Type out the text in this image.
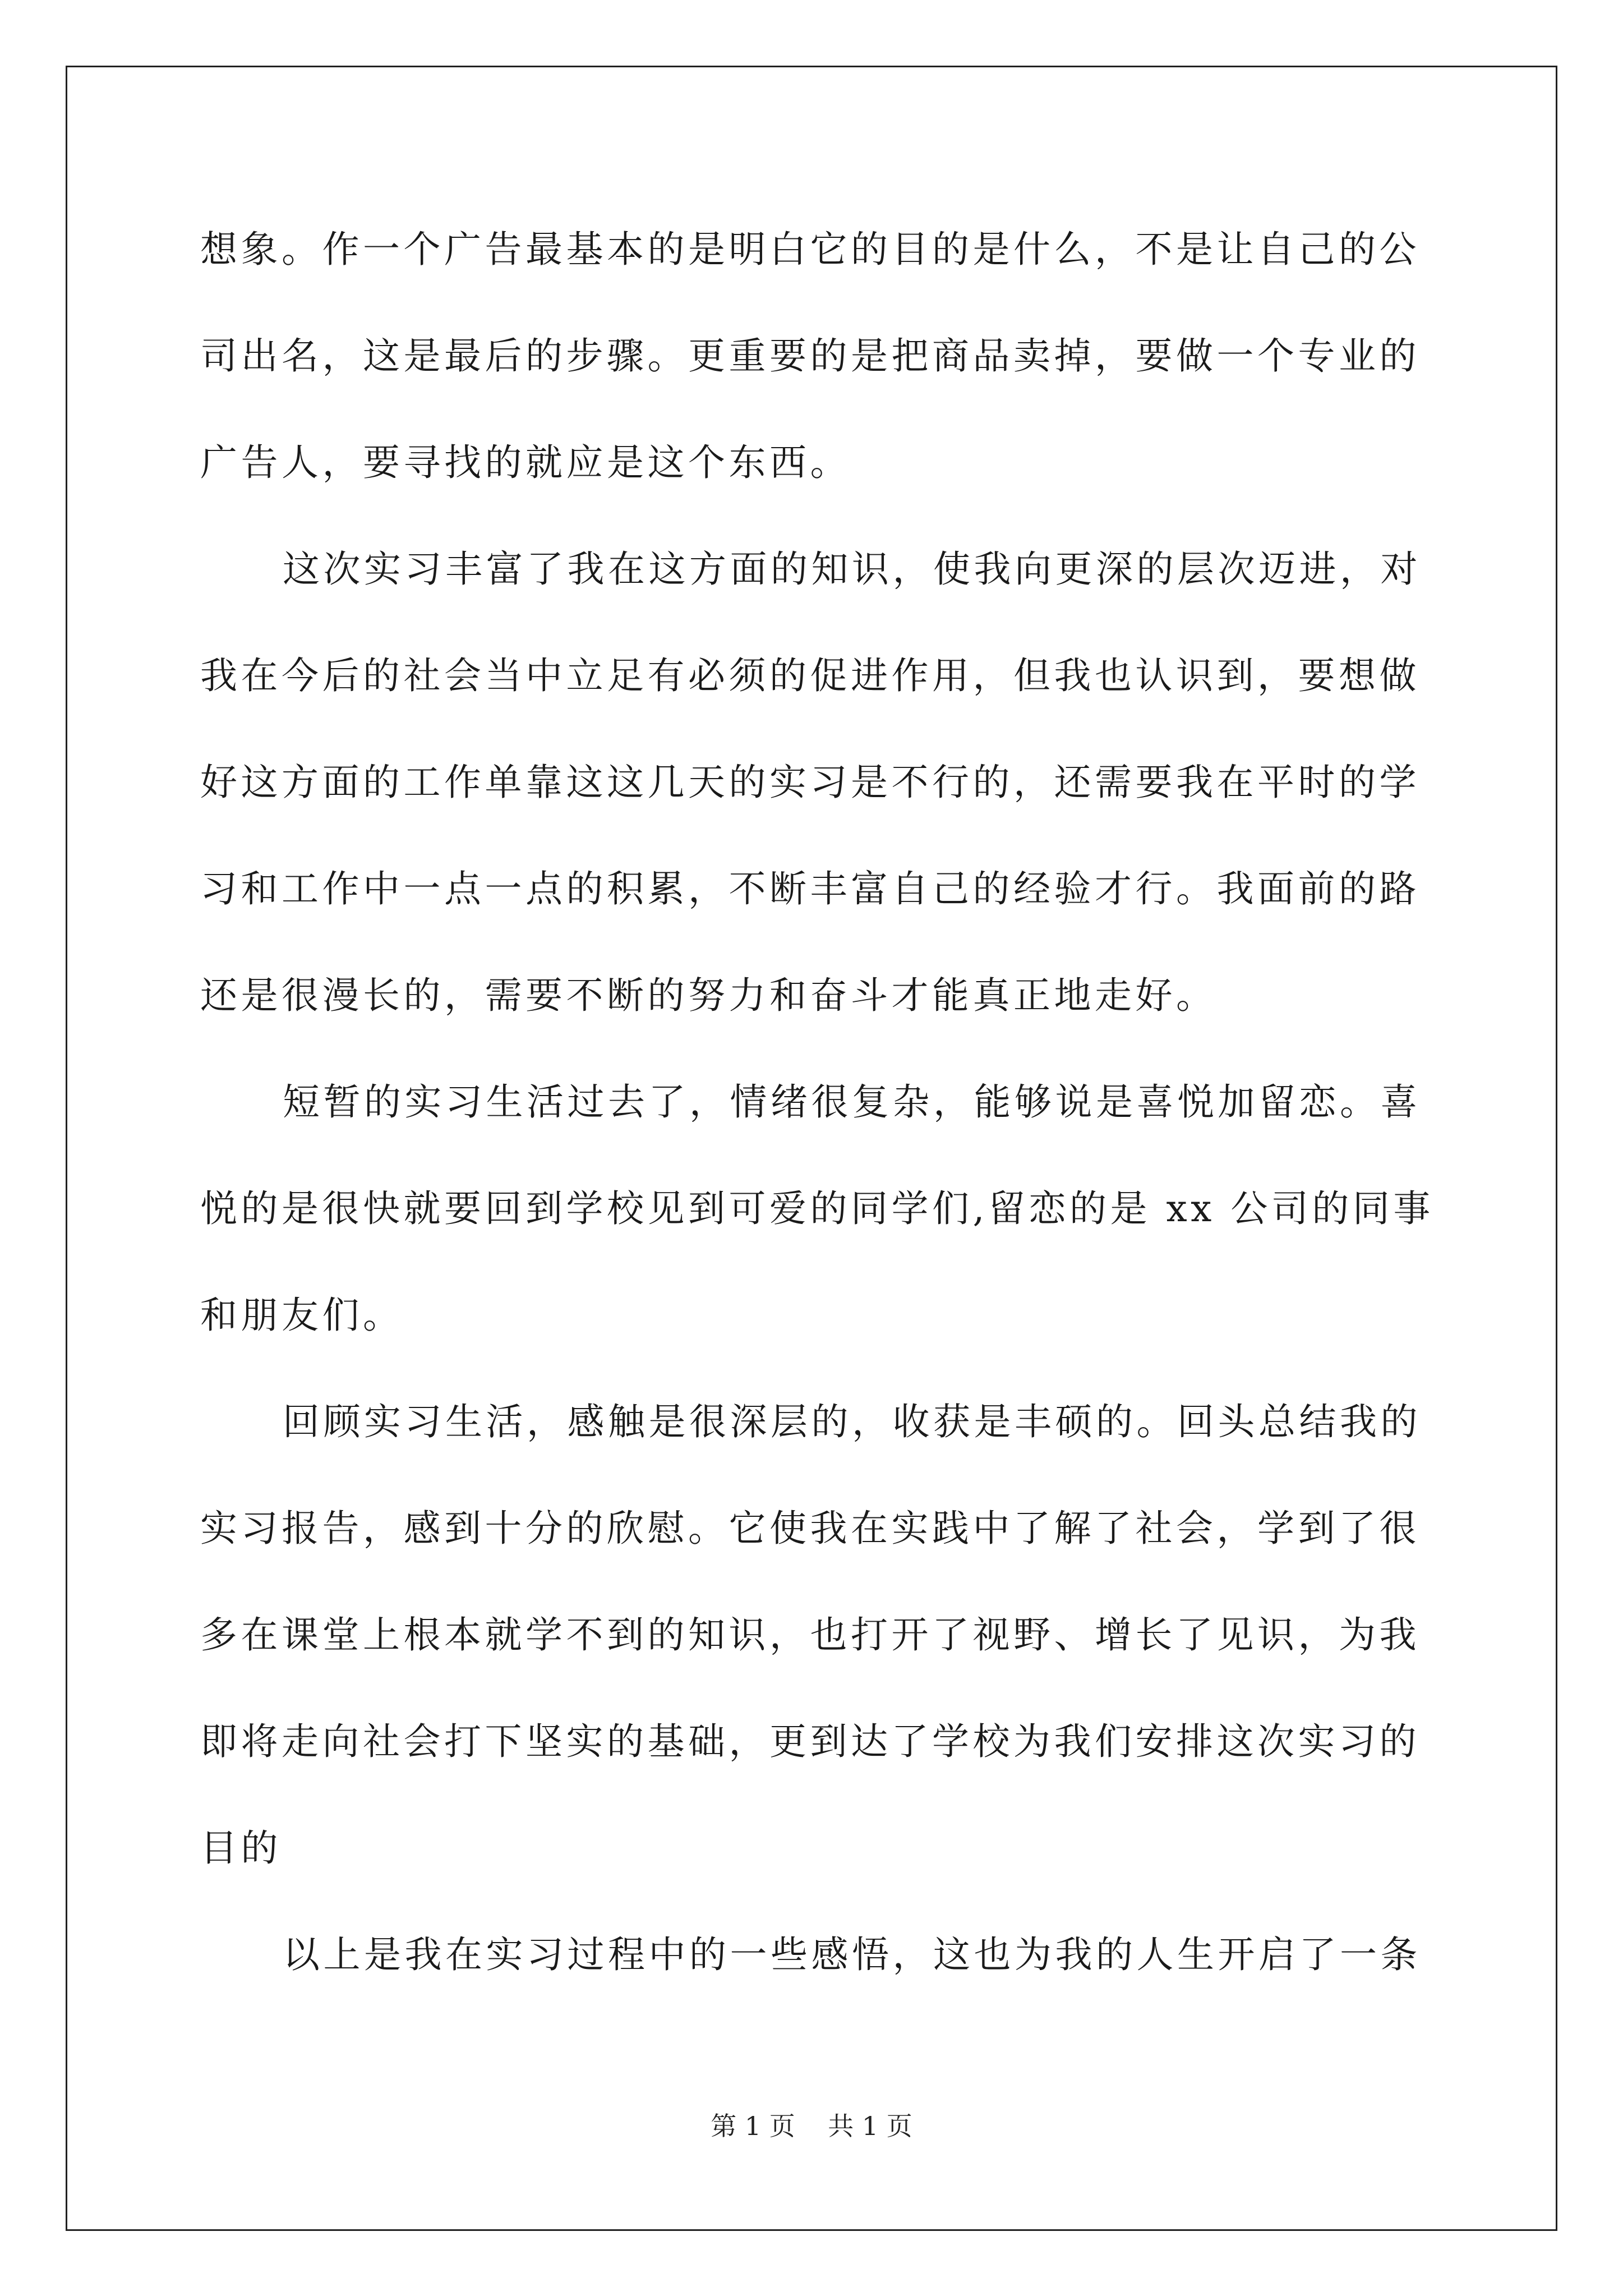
想象。作一个广告最基本的是明白它的目的是什么，不是让自己的公
司出名，这是最后的步骤。更重要的是把商品卖掉，要做一个专业的
广告人，要寻找的就应是这个东西。
这次实习丰富了我在这方面的知识，使我向更深的层次迈进，对
我在今后的社会当中立足有必须的促进作用，但我也认识到，要想做
好这方面的工作单靠这这几天的实习是不行的，还需要我在平时的学
习和工作中一点一点的积累，不断丰富自己的经验才行。我面前的路
还是很漫长的，需要不断的努力和奋斗才能真正地走好。
短暂的实习生活过去了，情绪很复杂，能够说是喜悦加留恋。喜
悦的是很快就要回到学校见到可爱的同学们,留恋的是 xx 公司的同事
和朋友们。
回顾实习生活，感触是很深层的，收获是丰硕的。回头总结我的
实习报告，感到十分的欣慰。它使我在实践中了解了社会，学到了很
多在课堂上根本就学不到的知识，也打开了视野、增长了见识，为我
即将走向社会打下坚实的基础，更到达了学校为我们安排这次实习的
目的
以上是我在实习过程中的一些感悟，这也为我的人生开启了一条
第 1 页 共 1 页
